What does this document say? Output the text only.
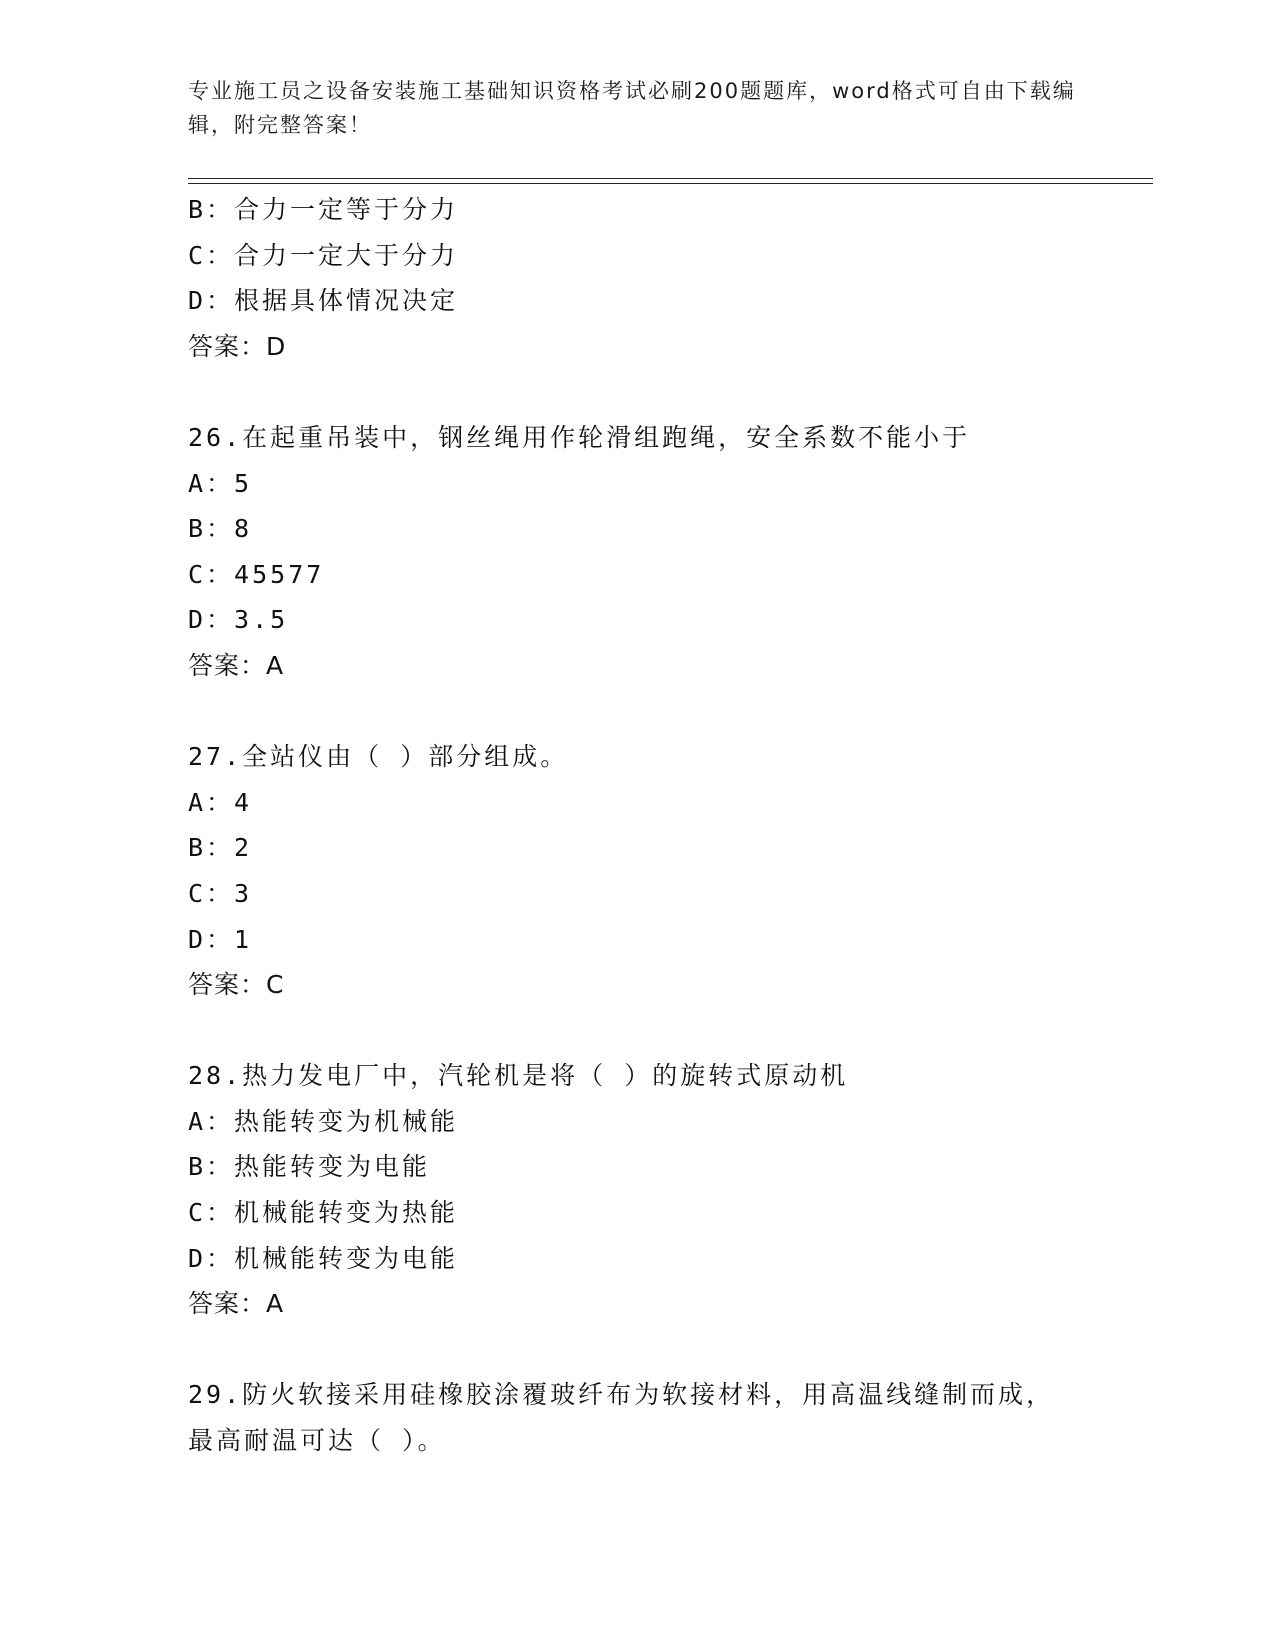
专业施工员之设备安装施工基础知识资格考试必刷200题题库，word格式可自由下载编辑，附完整答案！
B：合力一定等于分力
C：合力一定大于分力
D：根据具体情况决定
答案：D
26.在起重吊装中，钢丝绳用作轮滑组跑绳，安全系数不能小于
A：5
B：8
C：45577
D：3.5
答案：A
27.全站仪由（ ）部分组成。
A：4
B：2
C：3
D：1
答案：C
28.热力发电厂中，汽轮机是将（ ）的旋转式原动机
A：热能转变为机械能
B：热能转变为电能
C：机械能转变为热能
D：机械能转变为电能
答案：A
29.防火软接采用硅橡胶涂覆玻纤布为软接材料，用高温线缝制而成，最高耐温可达（ ）。
